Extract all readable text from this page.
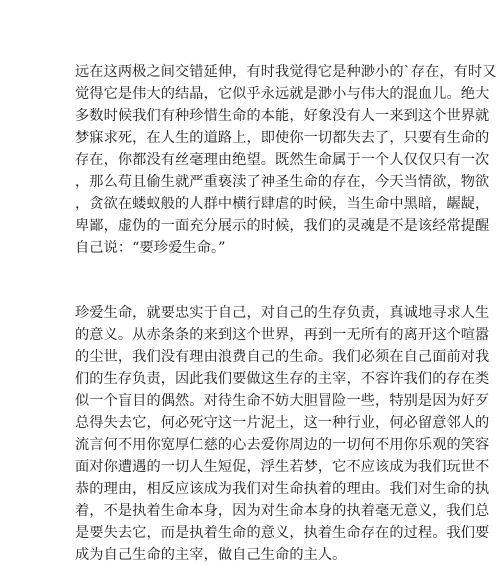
远在这两极之间交错延伸，有时我觉得它是种渺小的`存在，有时又
觉得它是伟大的结晶，它似乎永远就是渺小与伟大的混血儿。绝大
多数时候我们有种珍惜生命的本能，好象没有人一来到这个世界就
梦寐求死，在人生的道路上，即使你一切都失去了，只要有生命的
存在，你都没有丝毫理由绝望。既然生命属于一个人仅仅只有一次
，那么苟且偷生就严重亵渎了神圣生命的存在，今天当情欲，物欲
，贪欲在蝼蚁般的人群中横行肆虐的时候，当生命中黑暗，龌龊，
卑鄙，虚伪的一面充分展示的时候，我们的灵魂是不是该经常提醒
自己说：“要珍爱生命。”
珍爱生命，就要忠实于自己，对自己的生存负责，真诚地寻求人生
的意义。从赤条条的来到这个世界，再到一无所有的离开这个喧嚣
的尘世，我们没有理由浪费自己的生命。我们必须在自己面前对我
们的生存负责，因此我们要做这生存的主宰，不容许我们的存在类
似一个盲目的偶然。对待生命不妨大胆冒险一些，特别是因为好歹
总得失去它，何必死守这一片泥土，这一种行业，何必留意邻人的
流言何不用你宽厚仁慈的心去爱你周边的一切何不用你乐观的笑容
面对你遭遇的一切人生短促，浮生若梦，它不应该成为我们玩世不
恭的理由，相反应该成为我们对生命执着的理由。我们对生命的执
着，不是执着生命本身，因为对生命本身的执着毫无意义，我们总
是要失去它，而是执着生命的意义，执着生命存在的过程。我们要
成为自己生命的主宰，做自己生命的主人。
